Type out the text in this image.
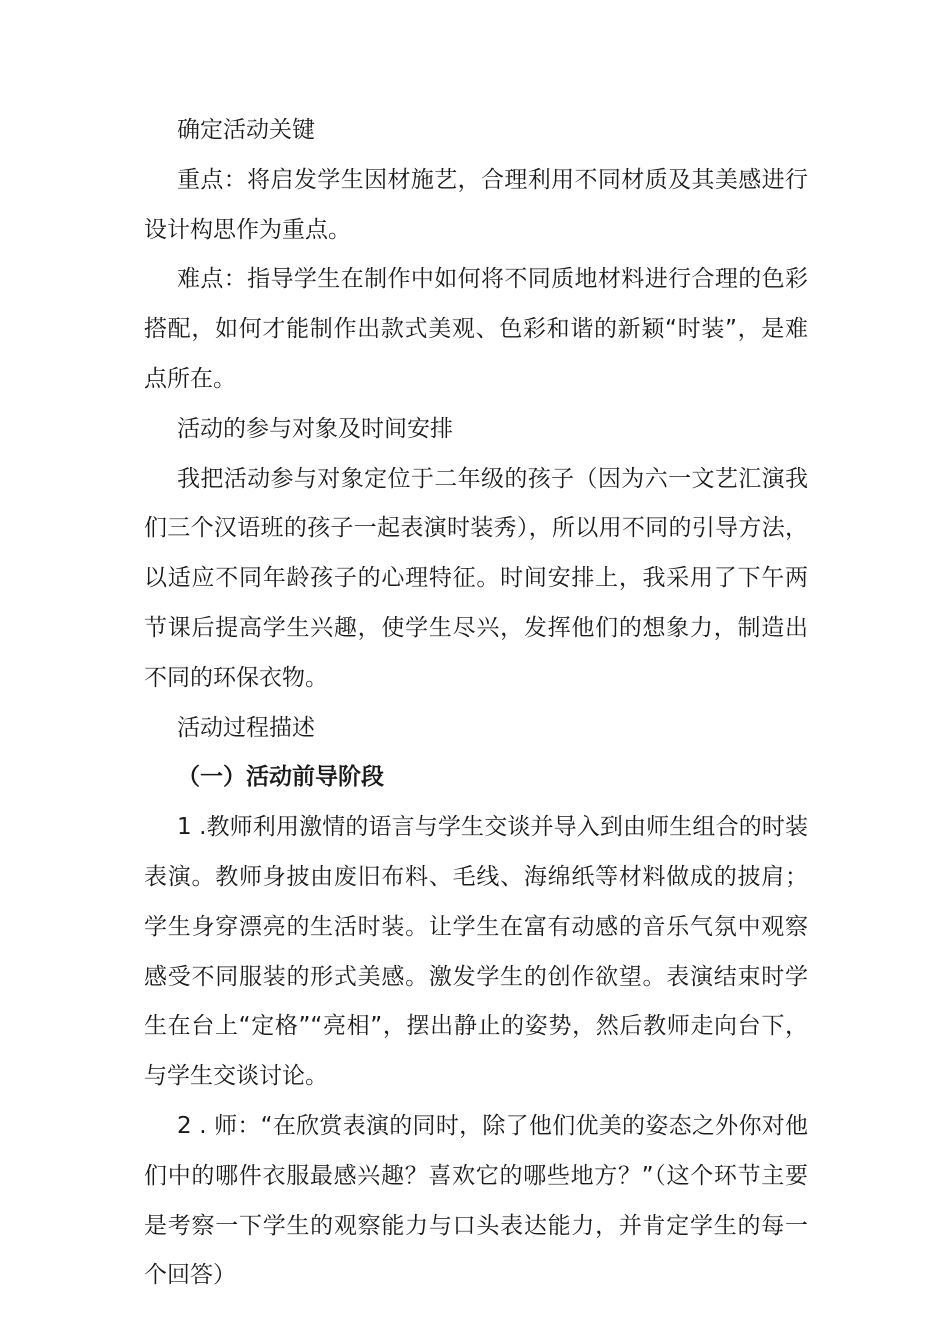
确定活动关键

重点：将启发学生因材施艺，合理利用不同材质及其美感进行设计构思作为重点。

难点：指导学生在制作中如何将不同质地材料进行合理的色彩搭配，如何才能制作出款式美观、色彩和谐的新颖“时装”，是难点所在。

活动的参与对象及时间安排

我把活动参与对象定位于二年级的孩子（因为六一文艺汇演我们三个汉语班的孩子一起表演时装秀），所以用不同的引导方法，以适应不同年龄孩子的心理特征。时间安排上，我采用了下午两节课后提高学生兴趣，使学生尽兴，发挥他们的想象力，制造出不同的环保衣物。

活动过程描述

（一）活动前导阶段

1 .教师利用激情的语言与学生交谈并导入到由师生组合的时装表演。教师身披由废旧布料、毛线、海绵纸等材料做成的披肩；学生身穿漂亮的生活时装。让学生在富有动感的音乐气氛中观察感受不同服装的形式美感。激发学生的创作欲望。表演结束时学生在台上“定格”“亮相”，摆出静止的姿势，然后教师走向台下，与学生交谈讨论。

2 . 师：“在欣赏表演的同时，除了他们优美的姿态之外你对他们中的哪件衣服最感兴趣？喜欢它的哪些地方？”（这个环节主要是考察一下学生的观察能力与口头表达能力，并肯定学生的每一个回答）
